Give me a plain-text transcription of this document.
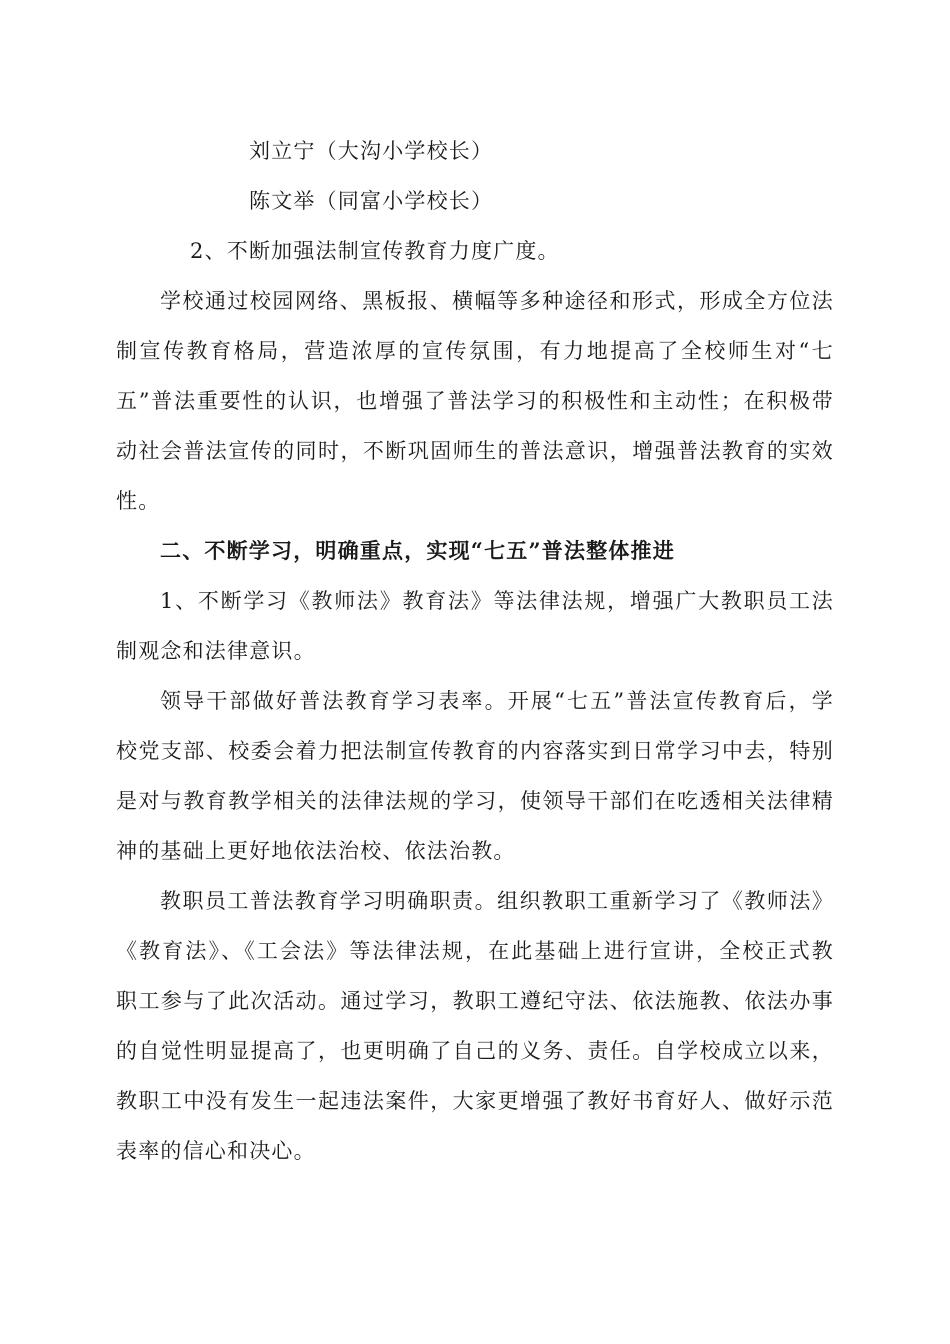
刘立宁（大沟小学校长）
陈文举（同富小学校长）
2、不断加强法制宣传教育力度广度。
学校通过校园网络、黑板报、横幅等多种途径和形式，形成全方位法
制宣传教育格局，营造浓厚的宣传氛围，有力地提高了全校师生对“七
五”普法重要性的认识，也增强了普法学习的积极性和主动性；在积极带
动社会普法宣传的同时，不断巩固师生的普法意识，增强普法教育的实效
性。
二、不断学习，明确重点，实现“七五”普法整体推进
1、不断学习《教师法》教育法》等法律法规，增强广大教职员工法
制观念和法律意识。
领导干部做好普法教育学习表率。开展“七五”普法宣传教育后，学
校党支部、校委会着力把法制宣传教育的内容落实到日常学习中去，特别
是对与教育教学相关的法律法规的学习，使领导干部们在吃透相关法律精
神的基础上更好地依法治校、依法治教。
教职员工普法教育学习明确职责。组织教职工重新学习了《教师法》
《教育法》、《工会法》等法律法规，在此基础上进行宣讲，全校正式教
职工参与了此次活动。通过学习，教职工遵纪守法、依法施教、依法办事
的自觉性明显提高了，也更明确了自己的义务、责任。自学校成立以来，
教职工中没有发生一起违法案件，大家更增强了教好书育好人、做好示范
表率的信心和决心。
